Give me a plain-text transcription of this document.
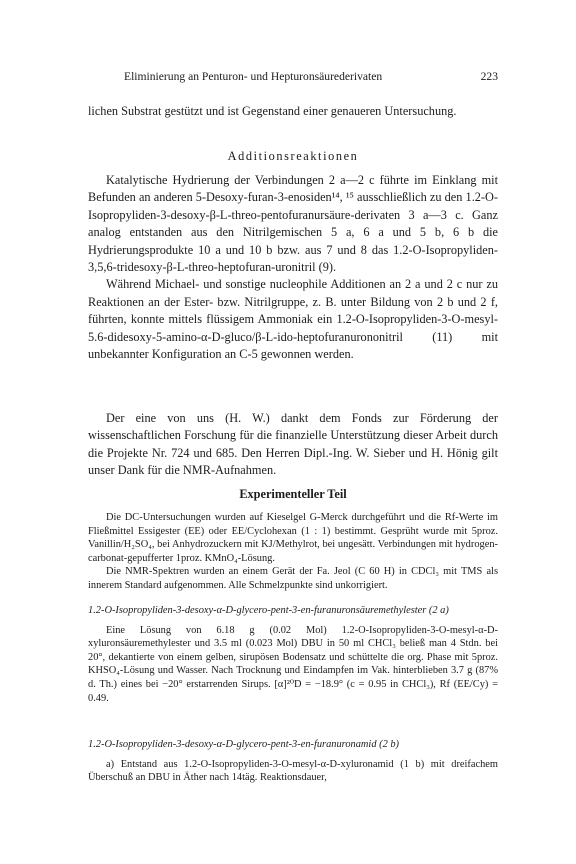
Eliminierung an Penturon- und Hepturonsäurederivaten	223

lichen Substrat gestützt und ist Gegenstand einer genaueren Untersuchung.

Additionsreaktionen

Katalytische Hydrierung der Verbindungen 2 a—2 c führte im Einklang mit Befunden an anderen 5-Desoxy-furan-3-enosiden¹⁴, ¹⁵ ausschließlich zu den 1.2-O-Isopropyliden-3-desoxy-β-L-threo-pentofuranursäure-derivaten 3 a—3 c. Ganz analog entstanden aus den Nitrilgemischen 5 a, 6 a und 5 b, 6 b die Hydrierungsprodukte 10 a und 10 b bzw. aus 7 und 8 das 1.2-O-Isopropyliden-3,5,6-tridesoxy-β-L-threo-heptofuran-uronitril (9).

Während Michael- und sonstige nucleophile Additionen an 2 a und 2 c nur zu Reaktionen an der Ester- bzw. Nitrilgruppe, z. B. unter Bildung von 2 b und 2 f, führten, konnte mittels flüssigem Ammoniak ein 1.2-O-Isopropyliden-3-O-mesyl-5.6-didesoxy-5-amino-α-D-gluco/β-L-ido-heptofuranurononitril (11) mit unbekannter Konfiguration an C-5 gewonnen werden.

Der eine von uns (H. W.) dankt dem Fonds zur Förderung der wissenschaftlichen Forschung für die finanzielle Unterstützung dieser Arbeit durch die Projekte Nr. 724 und 685. Den Herren Dipl.-Ing. W. Sieber und H. Hönig gilt unser Dank für die NMR-Aufnahmen.

Experimenteller Teil

Die DC-Untersuchungen wurden auf Kieselgel G-Merck durchgeführt und die Rf-Werte im Fließmittel Essigester (EE) oder EE/Cyclohexan (1 : 1) bestimmt. Gesprüht wurde mit 5proz. Vanillin/H₂SO₄, bei Anhydrozuckern mit KJ/Methylrot, bei ungesätt. Verbindungen mit hydrogencarbonat-gepufferter 1proz. KMnO₄-Lösung.

Die NMR-Spektren wurden an einem Gerät der Fa. Jeol (C 60 H) in CDCl₃ mit TMS als innerem Standard aufgenommen. Alle Schmelzpunkte sind unkorrigiert.

1.2-O-Isopropyliden-3-desoxy-α-D-glycero-pent-3-en-furanuronsäuremethylester (2 a)

Eine Lösung von 6.18 g (0.02 Mol) 1.2-O-Isopropyliden-3-O-mesyl-α-D-xyluronsäuremethylester und 3.5 ml (0.023 Mol) DBU in 50 ml CHCl₃ beließ man 4 Stdn. bei 20°, dekantierte von einem gelben, sirupösen Bodensatz und schüttelte die org. Phase mit 5proz. KHSO₄-Lösung und Wasser. Nach Trocknung und Eindampfen im Vak. hinterblieben 3.7 g (87% d. Th.) eines bei −20° erstarrenden Sirups. [α]²⁰D = −18.9° (c = 0.95 in CHCl₃), Rf (EE/Cy) = 0.49.

1.2-O-Isopropyliden-3-desoxy-α-D-glycero-pent-3-en-furanuronamid (2 b)

a) Entstand aus 1.2-O-Isopropyliden-3-O-mesyl-α-D-xyluronamid (1 b) mit dreifachem Überschuß an DBU in Äther nach 14täg. Reaktionsdauer,
